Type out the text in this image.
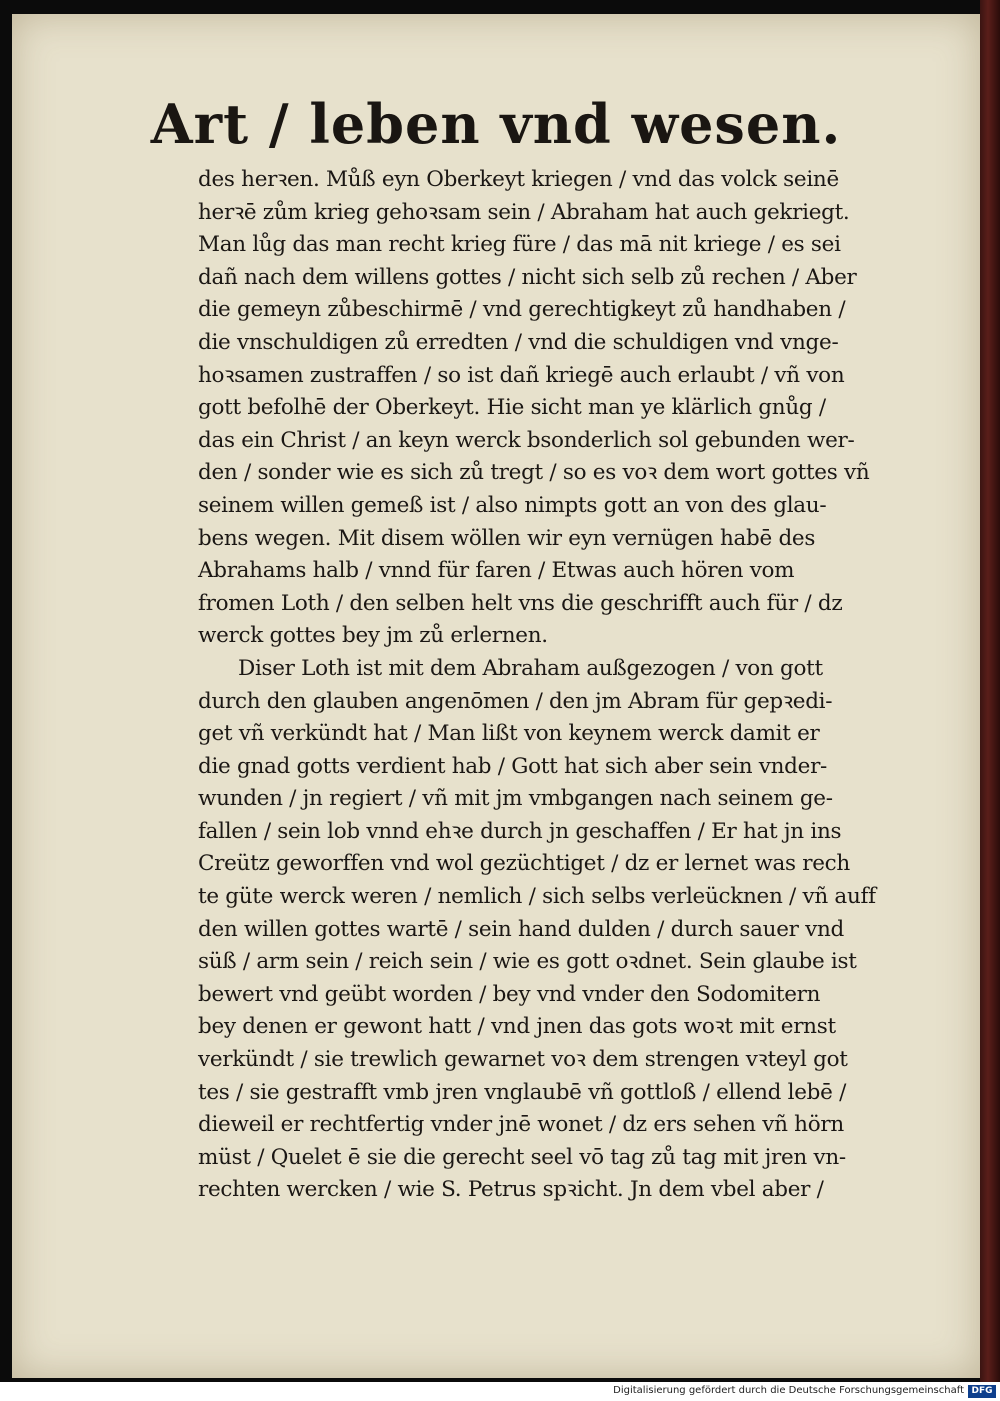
Art / leben vnd wesen.
des herꝛen. Můß eyn Oberkeyt kriegen / vnd das volck seinē
herꝛē zům krieg gehoꝛsam sein / Abraham hat auch gekriegt.
Man lůg das man recht krieg füre / das mā nit kriege / es sei
dañ nach dem willens gottes / nicht sich selb zů rechen / Aber
die gemeyn zůbeschirmē / vnd gerechtigkeyt zů handhaben /
die vnschuldigen zů erredten / vnd die schuldigen vnd vnge-
hoꝛsamen zustraffen / so ist dañ kriegē auch erlaubt / vñ von
gott befolhē der Oberkeyt. Hie sicht man ye klärlich gnůg /
das ein Christ / an keyn werck bsonderlich sol gebunden wer-
den / sonder wie es sich zů tregt / so es voꝛ dem wort gottes vñ
seinem willen gemeß ist / also nimpts gott an von des glau-
bens wegen. Mit disem wöllen wir eyn vernügen habē des
Abrahams halb / vnnd für faren / Etwas auch hören vom
fromen Loth / den selben helt vns die geschrifft auch für / dz
werck gottes bey jm zů erlernen.
Diser Loth ist mit dem Abraham außgezogen / von gott
durch den glauben angenōmen / den jm Abram für gepꝛedi-
get vñ verkündt hat / Man lißt von keynem werck damit er
die gnad gotts verdient hab / Gott hat sich aber sein vnder-
wunden / jn regiert / vñ mit jm vmbgangen nach seinem ge-
fallen / sein lob vnnd ehꝛe durch jn geschaffen / Er hat jn ins
Creütz geworffen vnd wol gezüchtiget / dz er lernet was rech
te güte werck weren / nemlich / sich selbs verleücknen / vñ auff
den willen gottes wartē / sein hand dulden / durch sauer vnd
süß / arm sein / reich sein / wie es gott oꝛdnet. Sein glaube ist
bewert vnd geübt worden / bey vnd vnder den Sodomitern
bey denen er gewont hatt / vnd jnen das gots woꝛt mit ernst
verkündt / sie trewlich gewarnet voꝛ dem strengen vꝛteyl got
tes / sie gestrafft vmb jren vnglaubē vñ gottloß / ellend lebē /
dieweil er rechtfertig vnder jnē wonet / dz ers sehen vñ hörn
müst / Quelet ē sie die gerecht seel vō tag zů tag mit jren vn-
rechten wercken / wie S. Petrus spꝛicht. Jn dem vbel aber /
Digitalisierung gefördert durch die Deutsche Forschungsgemeinschaft DFG
